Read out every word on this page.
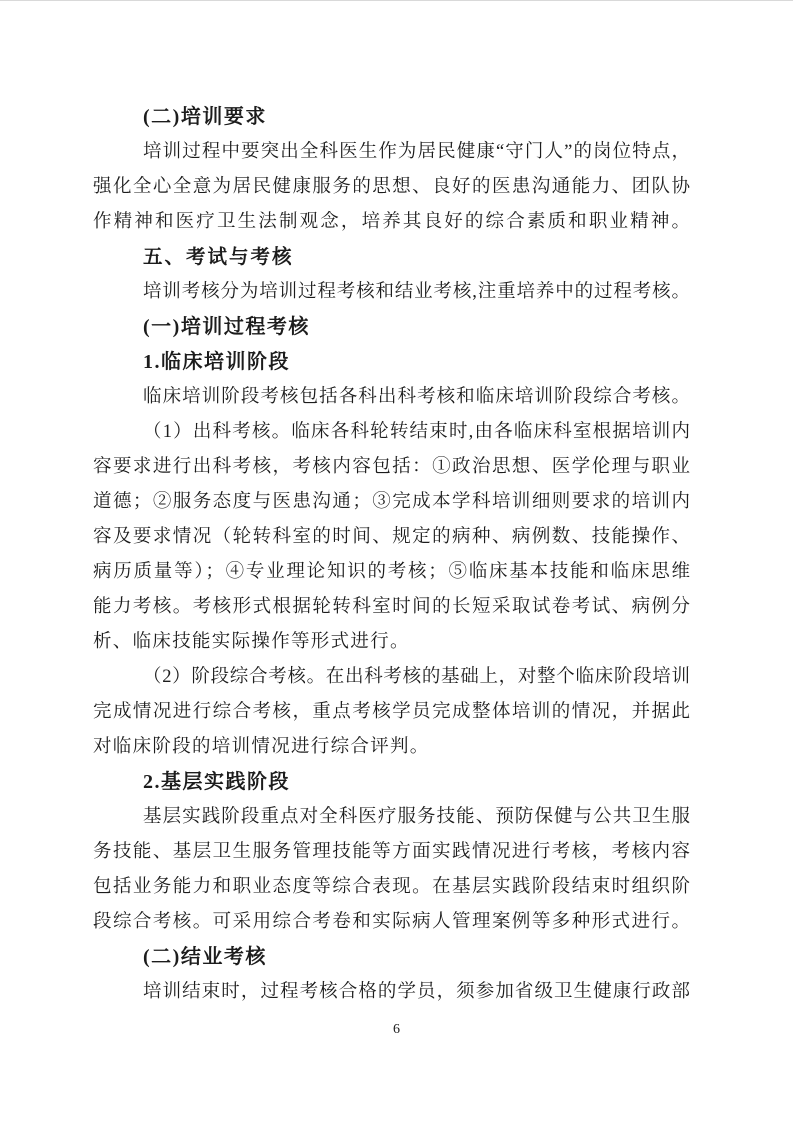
(二)培训要求
培训过程中要突出全科医生作为居民健康“守门人”的岗位特点，
强化全心全意为居民健康服务的思想、良好的医患沟通能力、团队协
作精神和医疗卫生法制观念，培养其良好的综合素质和职业精神。
五、考试与考核
培训考核分为培训过程考核和结业考核,注重培养中的过程考核。
(一)培训过程考核
1.临床培训阶段
临床培训阶段考核包括各科出科考核和临床培训阶段综合考核。
（1）出科考核。临床各科轮转结束时,由各临床科室根据培训内
容要求进行出科考核，考核内容包括：①政治思想、医学伦理与职业
道德；②服务态度与医患沟通；③完成本学科培训细则要求的培训内
容及要求情况（轮转科室的时间、规定的病种、病例数、技能操作、
病历质量等）；④专业理论知识的考核；⑤临床基本技能和临床思维
能力考核。考核形式根据轮转科室时间的长短采取试卷考试、病例分
析、临床技能实际操作等形式进行。
（2）阶段综合考核。在出科考核的基础上，对整个临床阶段培训
完成情况进行综合考核，重点考核学员完成整体培训的情况，并据此
对临床阶段的培训情况进行综合评判。
2.基层实践阶段
基层实践阶段重点对全科医疗服务技能、预防保健与公共卫生服
务技能、基层卫生服务管理技能等方面实践情况进行考核，考核内容
包括业务能力和职业态度等综合表现。在基层实践阶段结束时组织阶
段综合考核。可采用综合考卷和实际病人管理案例等多种形式进行。
(二)结业考核
培训结束时，过程考核合格的学员，须参加省级卫生健康行政部
6
